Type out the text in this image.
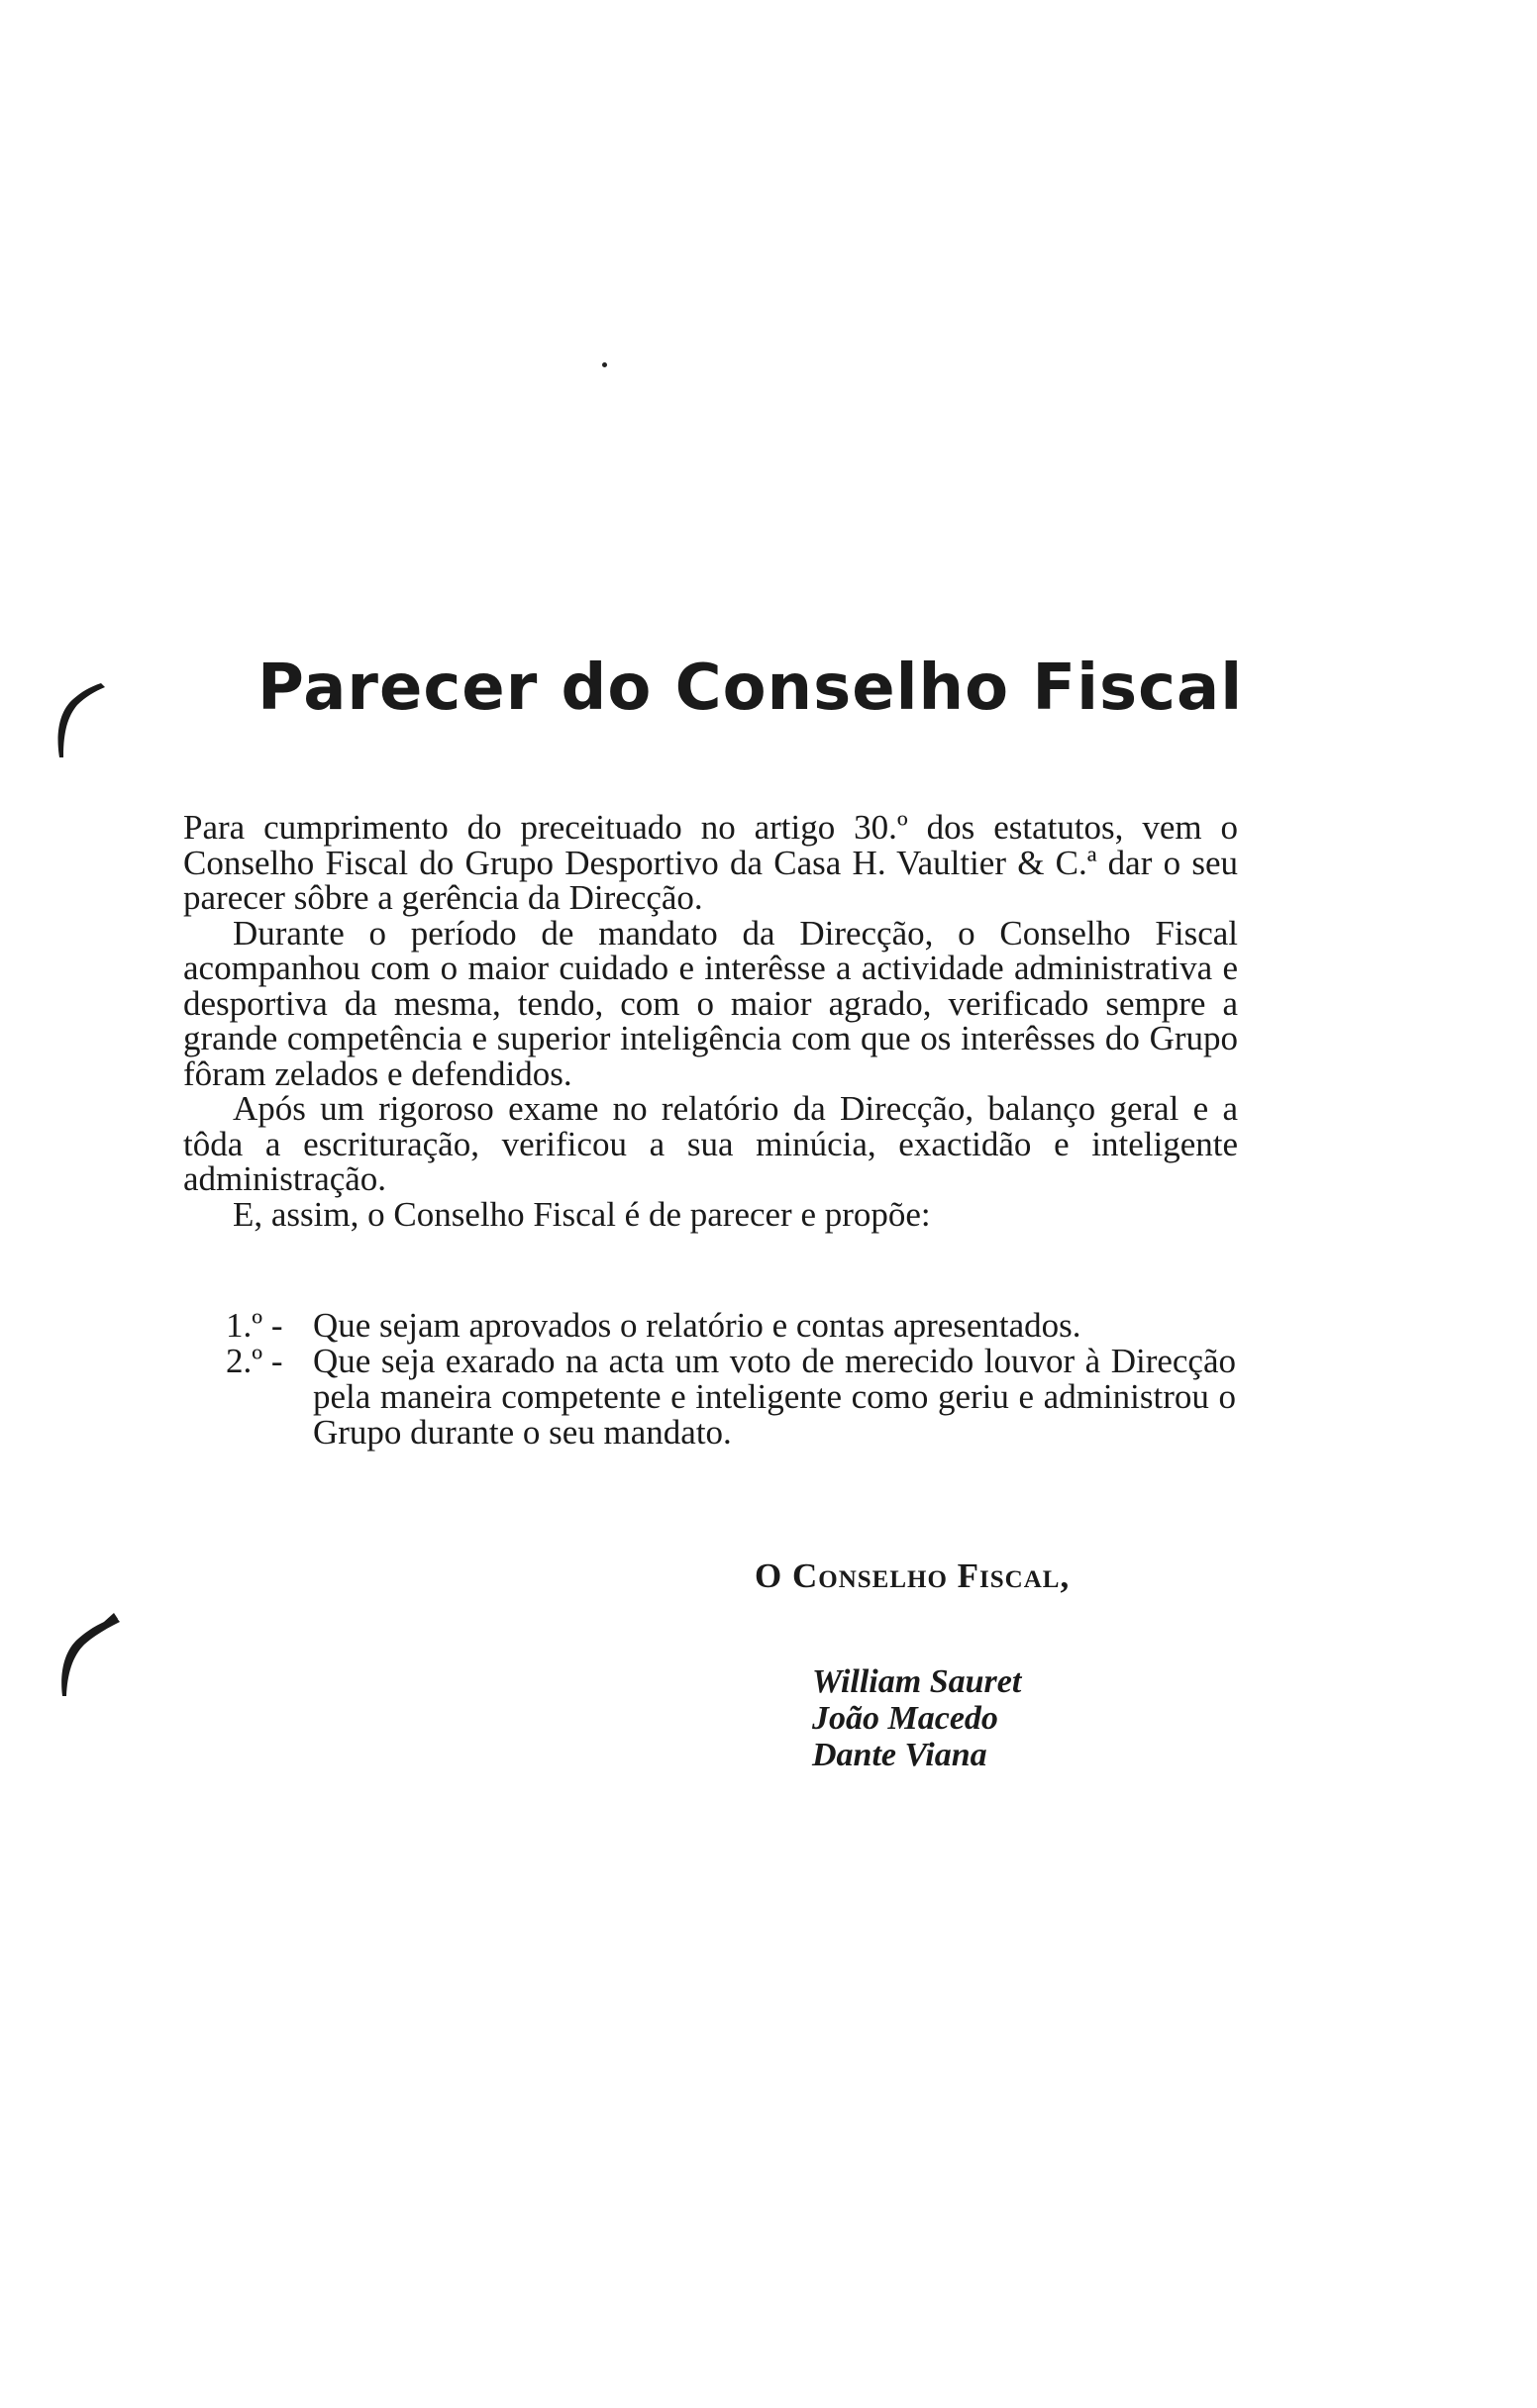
Parecer do Conselho Fiscal

Para cumprimento do preceituado no artigo 30.º dos estatutos, vem o Conselho Fiscal do Grupo Desportivo da Casa H. Vaultier & C.ª dar o seu parecer sôbre a gerência da Direcção.

Durante o período de mandato da Direcção, o Conselho Fiscal acompanhou com o maior cuidado e interêsse a actividade administrativa e desportiva da mesma, tendo, com o maior agrado, verificado sempre a grande competência e superior inteligência com que os interêsses do Grupo fôram zelados e defendidos.

Após um rigoroso exame no relatório da Direcção, balanço geral e a tôda a escrituração, verificou a sua minúcia, exactidão e inteligente administração.

E, assim, o Conselho Fiscal é de parecer e propõe:

1.º - Que sejam aprovados o relatório e contas apresentados.
2.º - Que seja exarado na acta um voto de merecido louvor à Direcção pela maneira competente e inteligente como geriu e administrou o Grupo durante o seu mandato.
O Conselho Fiscal,
William Sauret
João Macedo
Dante Viana
